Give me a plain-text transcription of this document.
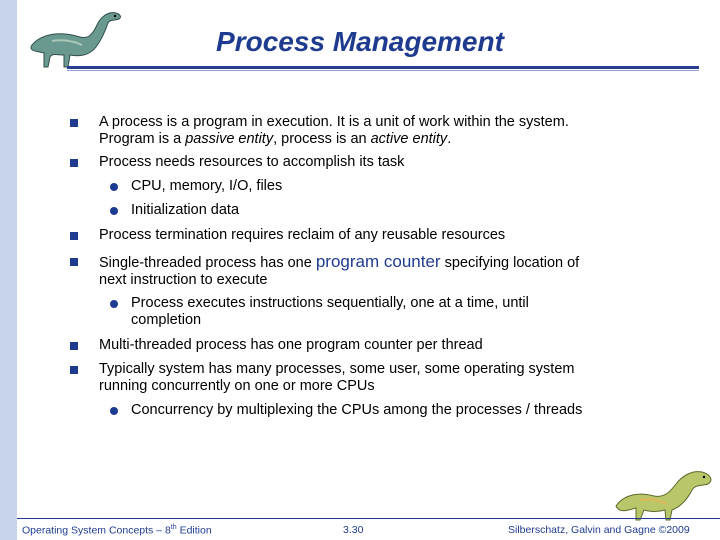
Process Management
A process is a program in execution. It is a unit of work within the system.
Program is a passive entity, process is an active entity.
Process needs resources to accomplish its task
CPU, memory, I/O, files
Initialization data
Process termination requires reclaim of any reusable resources
Single-threaded process has one program counter specifying location of
next instruction to execute
Process executes instructions sequentially, one at a time, until
completion
Multi-threaded process has one program counter per thread
Typically system has many processes, some user, some operating system
running concurrently on one or more CPUs
Concurrency by multiplexing the CPUs among the processes / threads
Operating System Concepts – 8th Edition	3.30	Silberschatz, Galvin and Gagne ©2009
